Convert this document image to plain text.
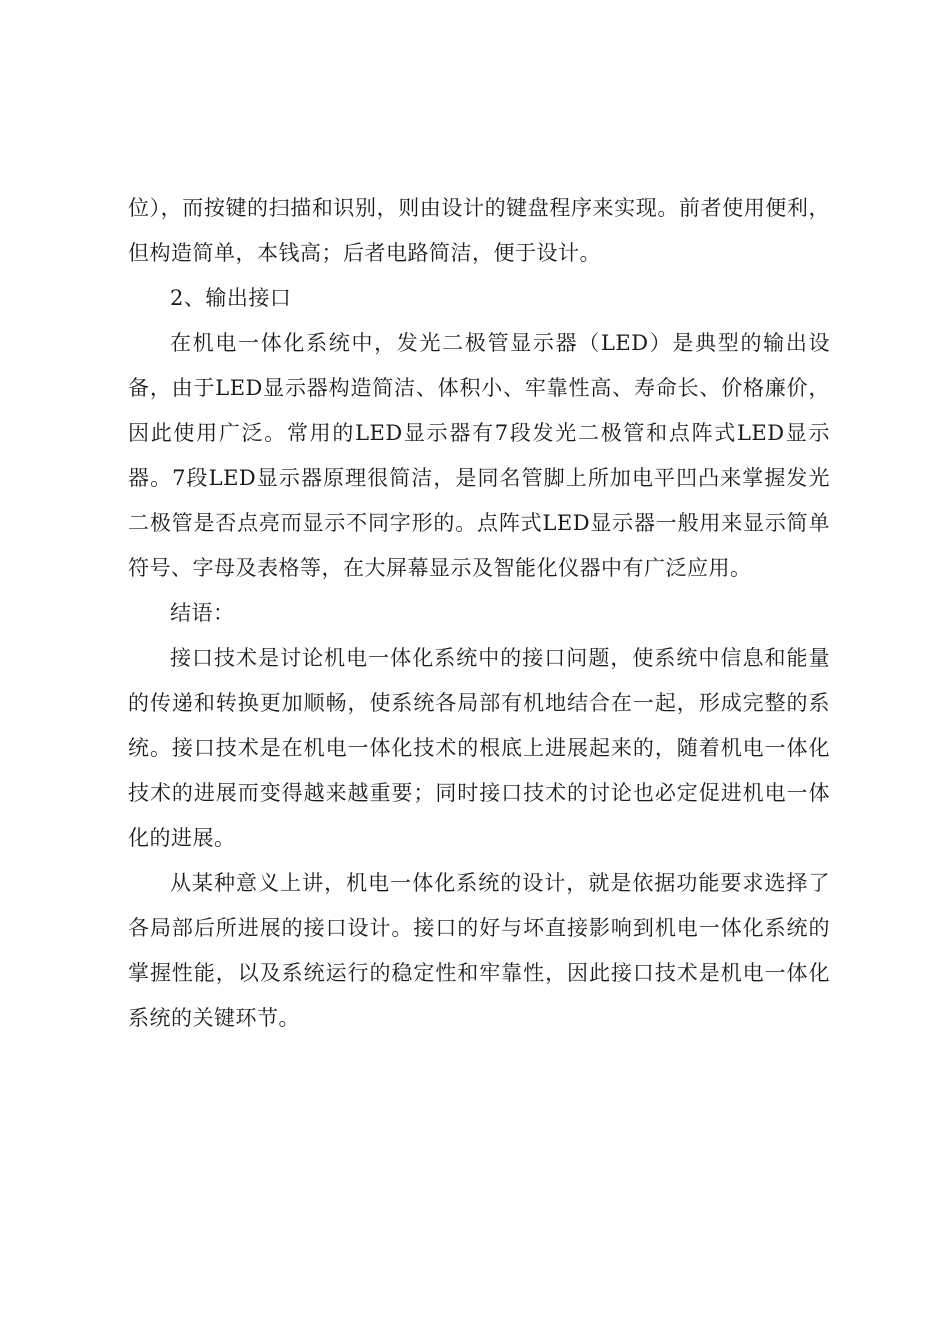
位），而按键的扫描和识别，则由设计的键盘程序来实现。前者使用便利，但构造简单，本钱高；后者电路简洁，便于设计。

2、输出接口

在机电一体化系统中，发光二极管显示器（LED）是典型的输出设备，由于LED显示器构造简洁、体积小、牢靠性高、寿命长、价格廉价，因此使用广泛。常用的LED显示器有7段发光二极管和点阵式LED显示器。7段LED显示器原理很简洁，是同名管脚上所加电平凹凸来掌握发光二极管是否点亮而显示不同字形的。点阵式LED显示器一般用来显示简单符号、字母及表格等，在大屏幕显示及智能化仪器中有广泛应用。

结语：

接口技术是讨论机电一体化系统中的接口问题，使系统中信息和能量的传递和转换更加顺畅，使系统各局部有机地结合在一起，形成完整的系统。接口技术是在机电一体化技术的根底上进展起来的，随着机电一体化技术的进展而变得越来越重要；同时接口技术的讨论也必定促进机电一体化的进展。

从某种意义上讲，机电一体化系统的设计，就是依据功能要求选择了各局部后所进展的接口设计。接口的好与坏直接影响到机电一体化系统的掌握性能，以及系统运行的稳定性和牢靠性，因此接口技术是机电一体化系统的关键环节。
